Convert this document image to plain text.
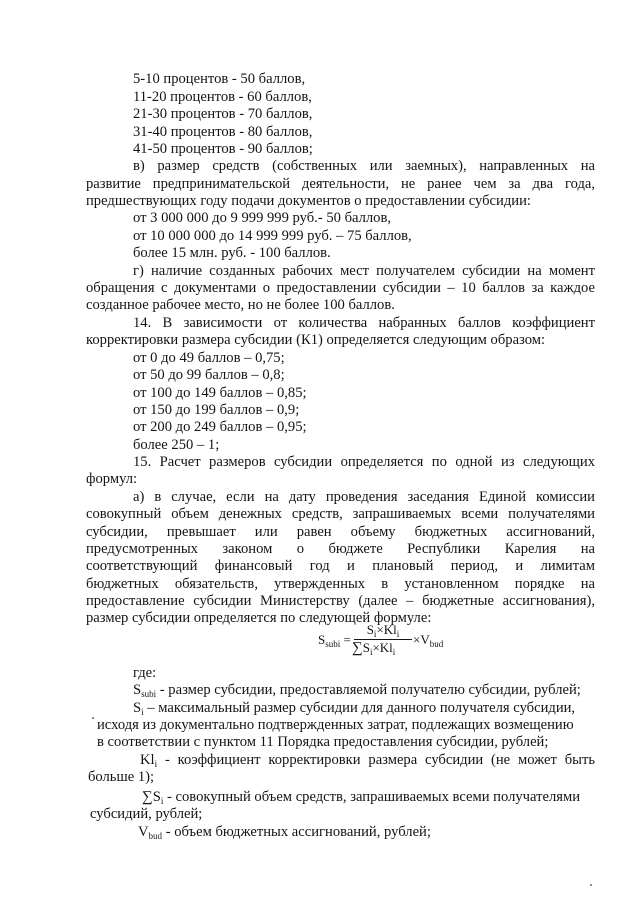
5-10 процентов - 50 баллов,
11-20 процентов - 60 баллов,
21-30 процентов - 70 баллов,
31-40 процентов - 80 баллов,
41-50 процентов - 90 баллов;
в) размер средств (собственных или заемных), направленных на
развитие предпринимательской деятельности, не ранее чем за два года,
предшествующих году подачи документов о предоставлении субсидии:
от 3 000 000 до 9 999 999 руб.- 50 баллов,
от 10 000 000 до 14 999 999 руб. – 75 баллов,
более 15 млн. руб. - 100 баллов.
г) наличие созданных рабочих мест получателем субсидии на момент
обращения с документами о предоставлении субсидии – 10 баллов за каждое
созданное рабочее место, но не более 100 баллов.
14. В зависимости от количества набранных баллов коэффициент
корректировки размера субсидии (К1) определяется следующим образом:
от 0 до 49 баллов – 0,75;
от 50 до 99 баллов – 0,8;
от 100 до 149 баллов – 0,85;
от 150 до 199 баллов – 0,9;
от 200 до 249 баллов – 0,95;
более 250 – 1;
15. Расчет размеров субсидии определяется по одной из следующих
формул:
а) в случае, если на дату проведения заседания Единой комиссии
совокупный объем денежных средств, запрашиваемых всеми получателями
субсидии, превышает или равен объему бюджетных ассигнований,
предусмотренных законом о бюджете Республики Карелия на
соответствующий финансовый год и плановый период, и лимитам
бюджетных обязательств, утвержденных в установленном порядке на
предоставление субсидии Министерству (далее – бюджетные ассигнования),
размер субсидии определяется по следующей формуле:
$S_{subi}$ =
$S_i\times Kl_i$
$\sum S_i\times Kl_i$
$\times V_{bud}$
где:
$S_{subi}$ - размер субсидии, предоставляемой получателю субсидии, рублей;
$S_i$ – максимальный размер субсидии для данного получателя субсидии,
исходя из документально подтвержденных затрат, подлежащих возмещению
в соответствии с пунктом 11 Порядка предоставления субсидии, рублей;
$Kl_i$ - коэффициент корректировки размера субсидии (не может быть
больше 1);
$\sum S_i$ - совокупный объем средств, запрашиваемых всеми получателями
субсидий, рублей;
$V_{bud}$ - объем бюджетных ассигнований, рублей;
